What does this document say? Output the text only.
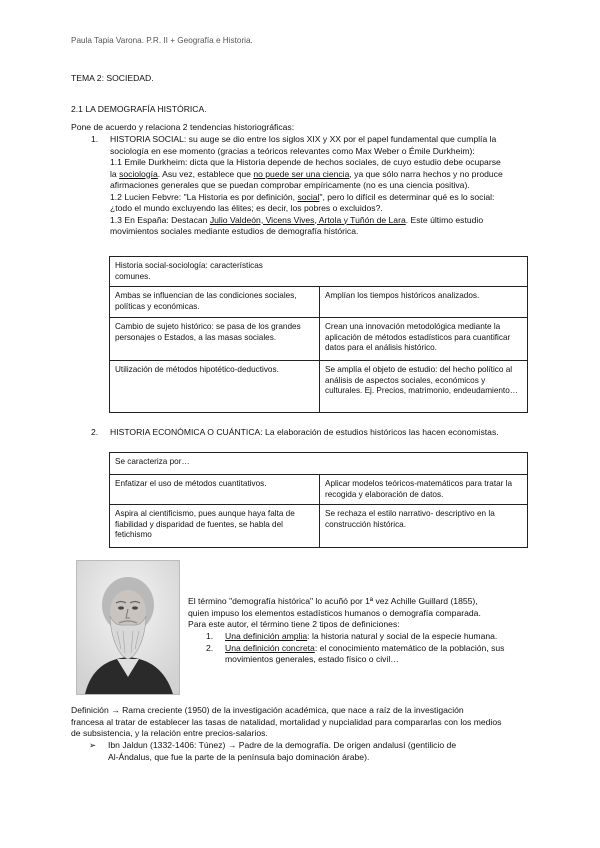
Paula Tapia Varona. P.R. II + Geografía e Historia.
TEMA 2: SOCIEDAD.
2.1 LA DEMOGRAFÍA HISTÓRICA.
Pone de acuerdo y relaciona 2 tendencias historiográficas:
1. HISTORIA SOCIAL: su auge se dio entre los siglos XIX y XX por el papel fundamental que cumplía la
sociología en ese momento (gracias a teóricos relevantes como Max Weber o Émile Durkheim):
1.1 Emile Durkheim: dicta que la Historia depende de hechos sociales, de cuyo estudio debe ocuparse
la sociología. Asu vez, establece que no puede ser una ciencia, ya que sólo narra hechos y no produce
afirmaciones generales que se puedan comprobar empíricamente (no es una ciencia positiva).
1.2 Lucien Febvre: "La Historia es por definición, social", pero lo difícil es determinar qué es lo social:
¿todo el mundo excluyendo las élites; es decir, los pobres o excluidos?.
1.3 En España: Destacan Julio Valdeón, Vicens Vives, Artola y Tuñón de Lara. Este último estudio
movimientos sociales mediante estudios de demografía histórica.
Historia social-sociología: características comunes.	
Ambas se influencian de las condiciones sociales, políticas y económicas.	Amplían los tiempos históricos analizados.
Cambio de sujeto histórico: se pasa de los grandes personajes o Estados, a las masas sociales.	Crean una innovación metodológica mediante la aplicación de métodos estadísticos para cuantificar datos para el análisis histórico.
Utilización de métodos hipotético-deductivos.	Se amplía el objeto de estudio: del hecho político al análisis de aspectos sociales, económicos y culturales. Ej. Precios, matrimonio, endeudamiento…
2. HISTORIA ECONÓMICA O CUÁNTICA: La elaboración de estudios históricos las hacen economistas.
Se caracteriza por…	
Enfatizar el uso de métodos cuantitativos.	Aplicar modelos teóricos-matemáticos para tratar la recogida y elaboración de datos.
Aspira al cientificismo, pues aunque haya falta de fiabilidad y disparidad de fuentes, se habla del fetichismo	Se rechaza el estilo narrativo- descriptivo en la construcción histórica.
El término "demografía histórica" lo acuñó por 1ª vez Achille Guillard (1855),
quien impuso los elementos estadísticos humanos o demografía comparada.
Para este autor, el término tiene 2 tipos de definiciones:
1. Una definición amplia: la historia natural y social de la especie humana.
2. Una definición concreta: el conocimiento matemático de la población, sus
movimientos generales, estado físico o civil…
Definición → Rama creciente (1950) de la investigación académica, que nace a raíz de la investigación
francesa al tratar de establecer las tasas de natalidad, mortalidad y nupcialidad para compararlas con los medios
de subsistencia, y la relación entre precios-salarios.
➢ Ibn Jaldun (1332-1406: Túnez) → Padre de la demografía. De origen andalusí (gentilicio de
Al-Ándalus, que fue la parte de la península bajo dominación árabe).
